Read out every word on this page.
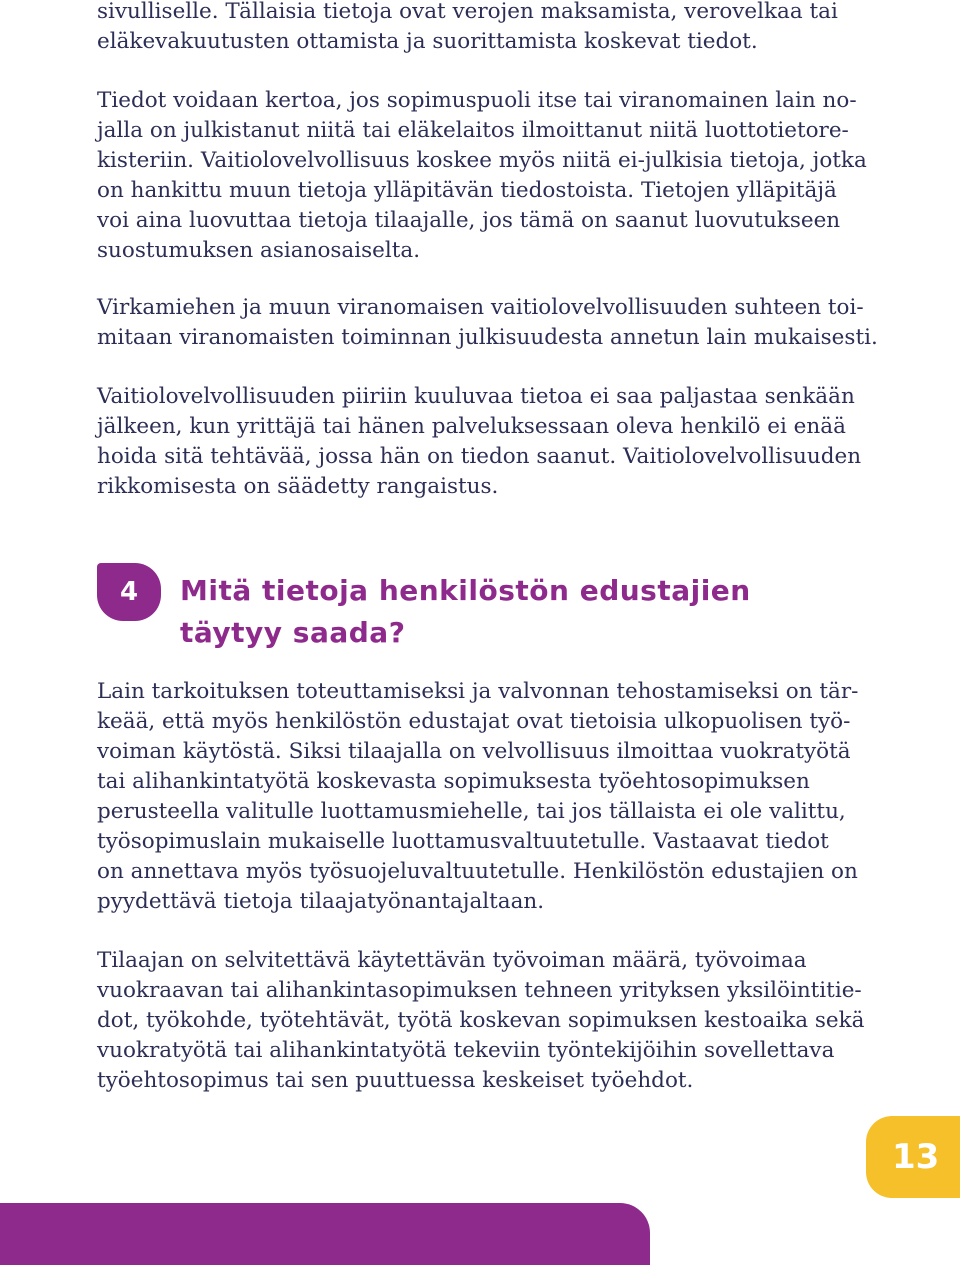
sivulliselle. Tällaisia tietoja ovat verojen maksamista, verovelkaa tai
eläkevakuutusten ottamista ja suorittamista koskevat tiedot.

Tiedot voidaan kertoa, jos sopimuspuoli itse tai viranomainen lain no-
jalla on julkistanut niitä tai eläkelaitos ilmoittanut niitä luottotietore-
kisteriin. Vaitiolovelvollisuus koskee myös niitä ei-julkisia tietoja, jotka
on hankittu muun tietoja ylläpitävän tiedostoista. Tietojen ylläpitäjä
voi aina luovuttaa tietoja tilaajalle, jos tämä on saanut luovutukseen
suostumuksen asianosaiselta.

Virkamiehen ja muun viranomaisen vaitiolovelvollisuuden suhteen toi-
mitaan viranomaisten toiminnan julkisuudesta annetun lain mukaisesti.

Vaitiolovelvollisuuden piiriin kuuluvaa tietoa ei saa paljastaa senkään
jälkeen, kun yrittäjä tai hänen palveluksessaan oleva henkilö ei enää
hoida sitä tehtävää, jossa hän on tiedon saanut. Vaitiolovelvollisuuden
rikkomisesta on säädetty rangaistus.

4	Mitä tietoja henkilöstön edustajien
täytyy saada?

Lain tarkoituksen toteuttamiseksi ja valvonnan tehostamiseksi on tär-
keää, että myös henkilöstön edustajat ovat tietoisia ulkopuolisen työ-
voiman käytöstä. Siksi tilaajalla on velvollisuus ilmoittaa vuokratyötä
tai alihankintatyötä koskevasta sopimuksesta työehtosopimuksen
perusteella valitulle luottamusmiehelle, tai jos tällaista ei ole valittu,
työsopimuslain mukaiselle luottamusvaltuutetulle. Vastaavat tiedot
on annettava myös työsuojeluvaltuutetulle. Henkilöstön edustajien on
pyydettävä tietoja tilaajatyönantajaltaan.

Tilaajan on selvitettävä käytettävän työvoiman määrä, työvoimaa
vuokraavan tai alihankintasopimuksen tehneen yrityksen yksilöintitie-
dot, työkohde, työtehtävät, työtä koskevan sopimuksen kestoaika sekä
vuokratyötä tai alihankintatyötä tekeviin työntekijöihin sovellettava
työehtosopimus tai sen puuttuessa keskeiset työehdot.

13
